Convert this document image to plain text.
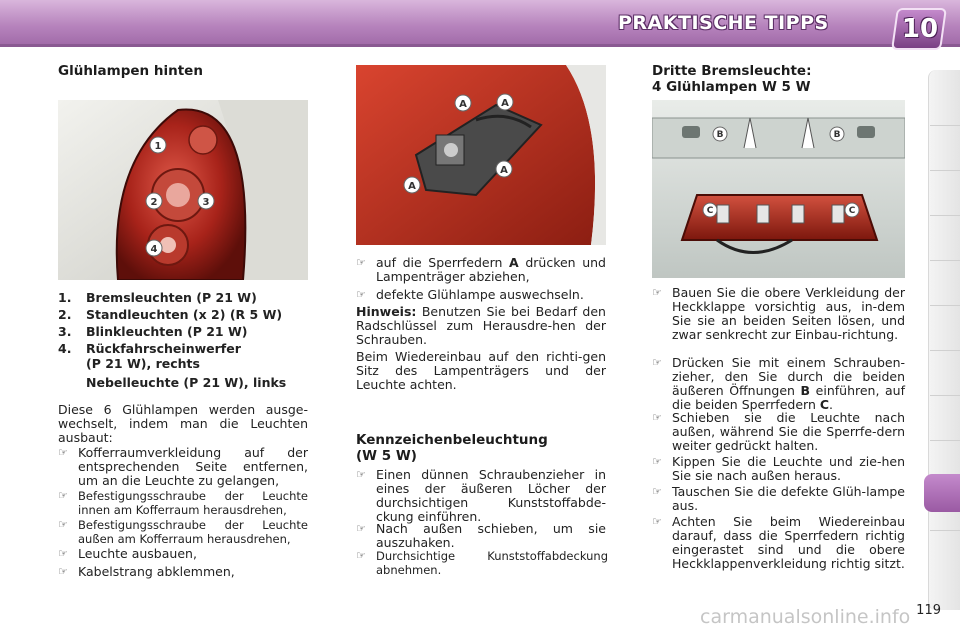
PRAKTISCHE TIPPS	10
Glühlampen hinten
1
2	3
4
1.	Bremsleuchten (P 21 W)
2.	Standleuchten (x 2) (R 5 W)
3.	Blinkleuchten (P 21 W)
4.	Rückfahrscheinwerfer (P 21 W), rechts
Nebelleuchte (P 21 W), links
Diese 6 Glühlampen werden ausge-wechselt, indem man die Leuchten ausbaut:
☞ Kofferraumverkleidung auf der entsprechenden Seite entfernen, um an die Leuchte zu gelangen,
☞ Befestigungsschraube der Leuchte innen am Kofferraum herausdrehen,
☞ Befestigungsschraube der Leuchte außen am Kofferraum herausdrehen,
☞ Leuchte ausbauen,
☞ Kabelstrang abklemmen,
A	A
A
A
☞ auf die Sperrfedern A drücken und Lampenträger abziehen,
☞ defekte Glühlampe auswechseln.
Hinweis: Benutzen Sie bei Bedarf den Radschlüssel zum Herausdre-hen der Schrauben.
Beim Wiedereinbau auf den richti-gen Sitz des Lampenträgers und der Leuchte achten.
Kennzeichenbeleuchtung
(W 5 W)
☞ Einen dünnen Schraubenzieher in eines der äußeren Löcher der durchsichtigen Kunststoffabde-ckung einführen.
☞ Nach außen schieben, um sie auszuhaken.
☞ Durchsichtige Kunststoffabdeckung abnehmen.
Dritte Bremsleuchte:
4 Glühlampen W 5 W
B	B
C	C
☞ Bauen Sie die obere Verkleidung der Heckklappe vorsichtig aus, in-dem Sie sie an beiden Seiten lösen, und zwar senkrecht zur Einbau-richtung.
☞ Drücken Sie mit einem Schrauben-zieher, den Sie durch die beiden äußeren Öffnungen B einführen, auf die beiden Sperrfedern C.
☞ Schieben sie die Leuchte nach außen, während Sie die Sperrfe-dern weiter gedrückt halten.
☞ Kippen Sie die Leuchte und zie-hen Sie sie nach außen heraus.
☞ Tauschen Sie die defekte Glüh-lampe aus.
☞ Achten Sie beim Wiedereinbau darauf, dass die Sperrfedern richtig eingerastet sind und die obere Heckklappenverkleidung richtig sitzt.
carmanualsonline.info 119
